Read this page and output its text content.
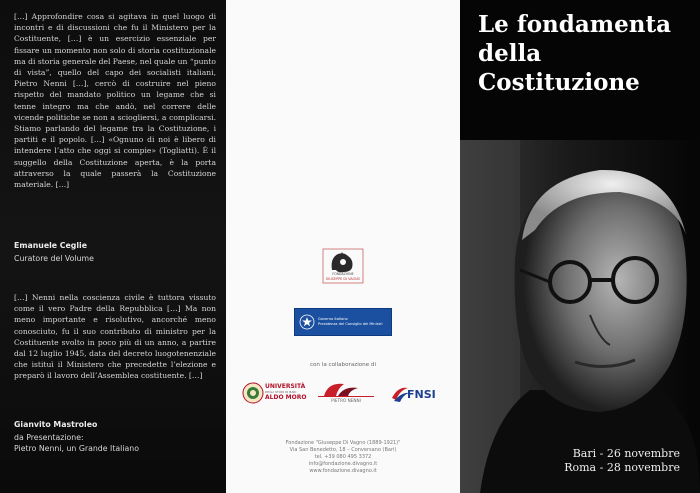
[…] Approfondire cosa si agitava in quel luogo di incontri e di discussioni che fu il Ministero per la Costituente, […] è un esercizio essenziale per fissare un momento non solo di storia costituzionale ma di storia generale del Paese, nel quale un “punto di vista”, quello del capo dei socialisti italiani, Pietro Nenni […], cercò di costruire nel pieno rispetto del mandato politico un legame che si tenne integro ma che andò, nel correre delle vicende politiche se non a sciogliersi, a complicarsi. Stiamo parlando del legame tra la Costituzione, i partiti e il popolo. […] «Ognuno di noi è libero di intendere l’atto che oggi si compie» (Togliatti). È il suggello della Costituzione aperta, è la porta attraverso la quale passerà la Costituzione materiale. […]
Emanuele Ceglie
Curatore del Volume
[…] Nenni nella coscienza civile è tuttora vissuto come il vero Padre della Repubblica […] Ma non meno importante e risolutivo, ancorché meno conosciuto, fu il suo contributo di ministro per la Costituente svolto in poco più di un anno, a partire dal 12 luglio 1945, data del decreto luogotenenziale che istituì il Ministero che precedette l’elezione e preparò il lavoro dell’Assemblea costituente. […]
Gianvito Mastroleo
da Presentazione:
Pietro Nenni, un Grande Italiano
FONDAZIONE
GIUSEPPE DI VAGNO
Governo Italiano
Presidenza del Consiglio dei Ministri
con la collaborazione di
UNIVERSITÀ
DEGLI STUDI DI BARI
ALDO MORO	PIETRO NENNI	FNSI
Fondazione "Giuseppe Di Vagno (1889-1921)"
Via San Benedetto, 18 – Conversano (Bari)
tel. +39 080 495 3372
info@fondazione.divagno.it
www.fondazione.divagno.it
Le fondamenta
della
Costituzione
Bari - 26 novembre
Roma - 28 novembre
